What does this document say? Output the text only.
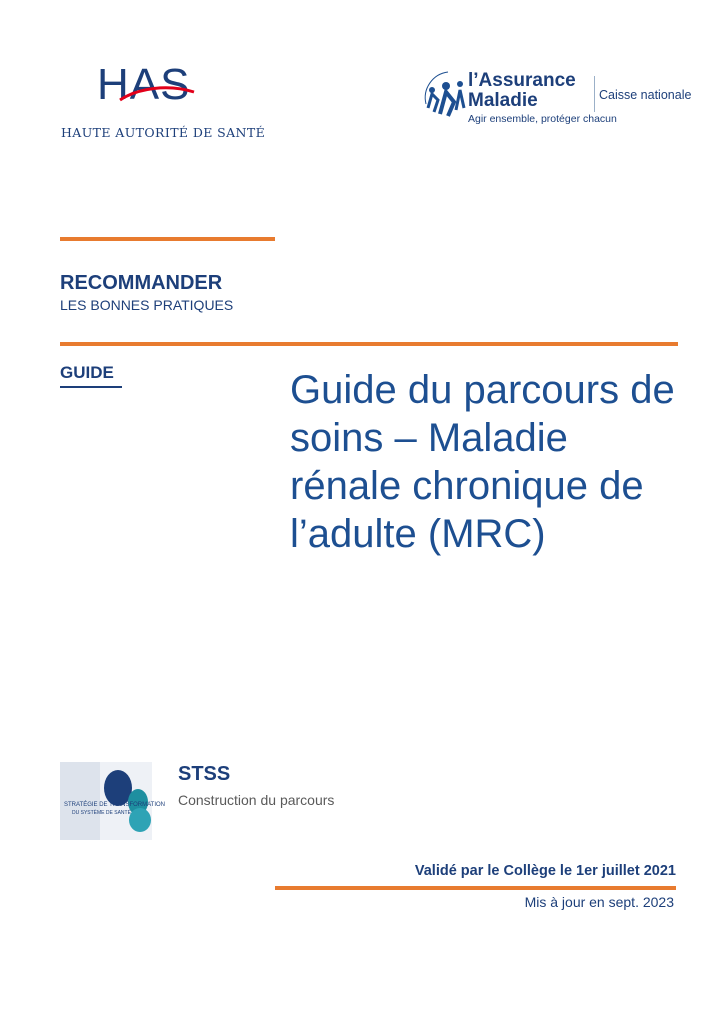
HAS
HAUTE AUTORITÉ DE SANTÉ
l’Assurance
Maladie
Agir ensemble, protéger chacun
Caisse nationale
RECOMMANDER
LES BONNES PRATIQUES
GUIDE	Guide du parcours de soins – Maladie rénale chronique de l’adulte (MRC)
STRATÉGIE DE TRANSFORMATION
DU SYSTÈME DE SANTÉ
STSS
Construction du parcours
Validé par le Collège le 1er juillet 2021
Mis à jour en sept. 2023
